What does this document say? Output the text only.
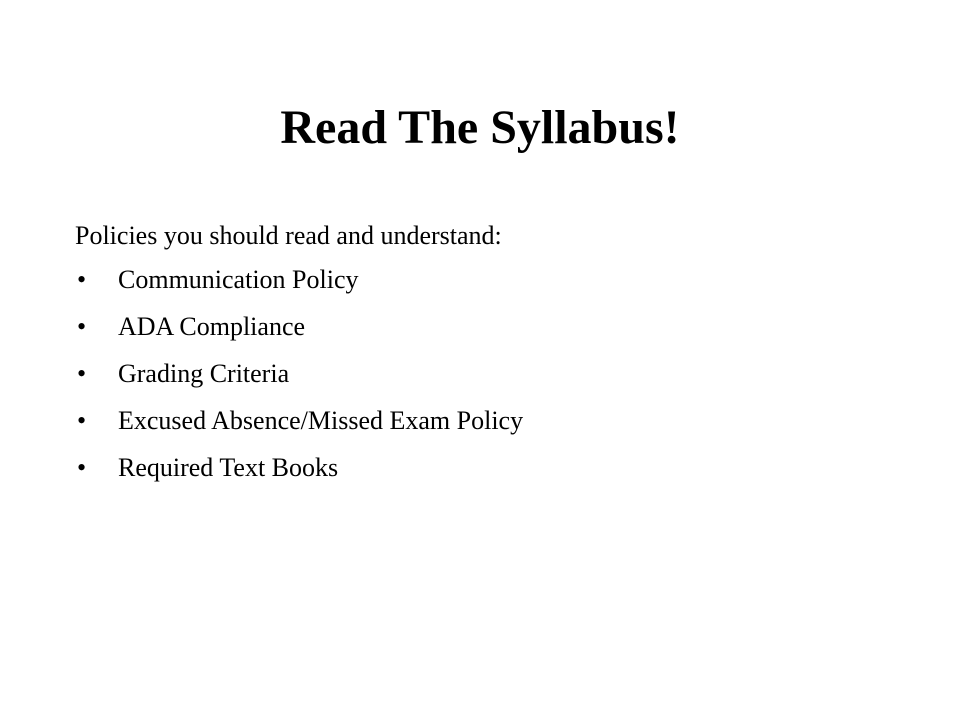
Read The Syllabus!

Policies you should read and understand:

•	Communication Policy
•	ADA Compliance
•	Grading Criteria
•	Excused Absence/Missed Exam Policy
•	Required Text Books
